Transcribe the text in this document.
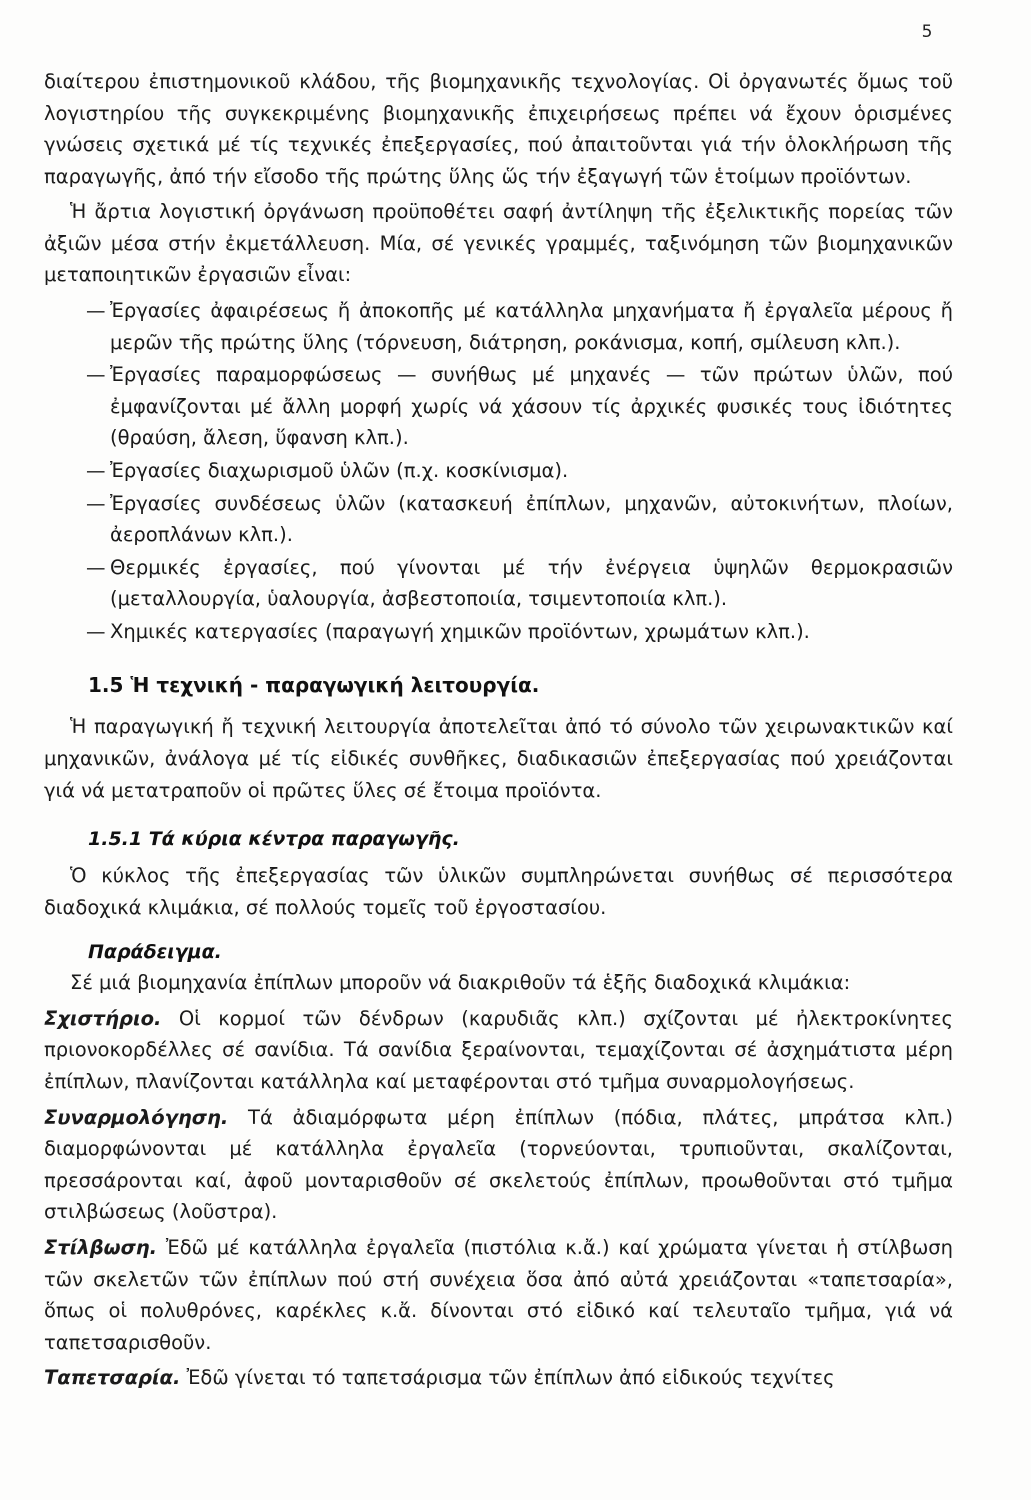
5

διαίτερου ἐπιστημονικοῦ κλάδου, τῆς βιομηχανικῆς τεχνολογίας. Οἱ ὀργανωτές ὅμως τοῦ λογιστηρίου τῆς συγκεκριμένης βιομηχανικῆς ἐπιχειρήσεως πρέπει νά ἔχουν ὁρισμένες γνώσεις σχετικά μέ τίς τεχνικές ἐπεξεργασίες, πού ἀπαιτοῦνται γιά τήν ὁλοκλήρωση τῆς παραγωγῆς, ἀπό τήν εἴσοδο τῆς πρώτης ὕλης ὥς τήν ἐξαγωγή τῶν ἑτοίμων προϊόντων.

Ἡ ἄρτια λογιστική ὀργάνωση προϋποθέτει σαφή ἀντίληψη τῆς ἐξελικτικῆς πορείας τῶν ἀξιῶν μέσα στήν ἐκμετάλλευση. Μία, σέ γενικές γραμμές, ταξινόμηση τῶν βιομηχανικῶν μεταποιητικῶν ἐργασιῶν εἶναι:

— Ἐργασίες ἀφαιρέσεως ἤ ἀποκοπῆς μέ κατάλληλα μηχανήματα ἤ ἐργαλεῖα μέρους ἤ μερῶν τῆς πρώτης ὕλης (τόρνευση, διάτρηση, ροκάνισμα, κοπή, σμίλευση κλπ.).
— Ἐργασίες παραμορφώσεως — συνήθως μέ μηχανές — τῶν πρώτων ὑλῶν, πού ἐμφανίζονται μέ ἄλλη μορφή χωρίς νά χάσουν τίς ἀρχικές φυσικές τους ἰδιότητες (θραύση, ἄλεση, ὕφανση κλπ.).
— Ἐργασίες διαχωρισμοῦ ὑλῶν (π.χ. κοσκίνισμα).
— Ἐργασίες συνδέσεως ὑλῶν (κατασκευή ἐπίπλων, μηχανῶν, αὐτοκινήτων, πλοίων, ἀεροπλάνων κλπ.).
— Θερμικές ἐργασίες, πού γίνονται μέ τήν ἐνέργεια ὑψηλῶν θερμοκρασιῶν (μεταλλουργία, ὑαλουργία, ἀσβεστοποιία, τσιμεντοποιία κλπ.).
— Χημικές κατεργασίες (παραγωγή χημικῶν προϊόντων, χρωμάτων κλπ.).
1.5 Ἡ τεχνική - παραγωγική λειτουργία.

Ἡ παραγωγική ἤ τεχνική λειτουργία ἀποτελεῖται ἀπό τό σύνολο τῶν χειρωνακτικῶν καί μηχανικῶν, ἀνάλογα μέ τίς εἰδικές συνθῆκες, διαδικασιῶν ἐπεξεργασίας πού χρειάζονται γιά νά μετατραποῦν οἱ πρῶτες ὕλες σέ ἔτοιμα προϊόντα.

1.5.1 Τά κύρια κέντρα παραγωγῆς.

Ὁ κύκλος τῆς ἐπεξεργασίας τῶν ὑλικῶν συμπληρώνεται συνήθως σέ περισσότερα διαδοχικά κλιμάκια, σέ πολλούς τομεῖς τοῦ ἐργοστασίου.

Παράδειγμα.

Σέ μιά βιομηχανία ἐπίπλων μποροῦν νά διακριθοῦν τά ἑξῆς διαδοχικά κλιμάκια:

Σχιστήριο. Οἱ κορμοί τῶν δένδρων (καρυδιᾶς κλπ.) σχίζονται μέ ἠλεκτροκίνητες πριονοκορδέλλες σέ σανίδια. Τά σανίδια ξεραίνονται, τεμαχίζονται σέ ἀσχημάτιστα μέρη ἐπίπλων, πλανίζονται κατάλληλα καί μεταφέρονται στό τμῆμα συναρμολογήσεως.

Συναρμολόγηση. Τά ἀδιαμόρφωτα μέρη ἐπίπλων (πόδια, πλάτες, μπράτσα κλπ.) διαμορφώνονται μέ κατάλληλα ἐργαλεῖα (τορνεύονται, τρυπιοῦνται, σκαλίζονται, πρεσσάρονται καί, ἀφοῦ μονταρισθοῦν σέ σκελετούς ἐπίπλων, προωθοῦνται στό τμῆμα στιλβώσεως (λοῦστρα).

Στίλβωση. Ἐδῶ μέ κατάλληλα ἐργαλεῖα (πιστόλια κ.ἄ.) καί χρώματα γίνεται ἡ στίλβωση τῶν σκελετῶν τῶν ἐπίπλων πού στή συνέχεια ὅσα ἀπό αὐτά χρειάζονται «ταπετσαρία», ὅπως οἱ πολυθρόνες, καρέκλες κ.ἄ. δίνονται στό εἰδικό καί τελευταῖο τμῆμα, γιά νά ταπετσαρισθοῦν.

Ταπετσαρία. Ἐδῶ γίνεται τό ταπετσάρισμα τῶν ἐπίπλων ἀπό εἰδικούς τεχνίτες
